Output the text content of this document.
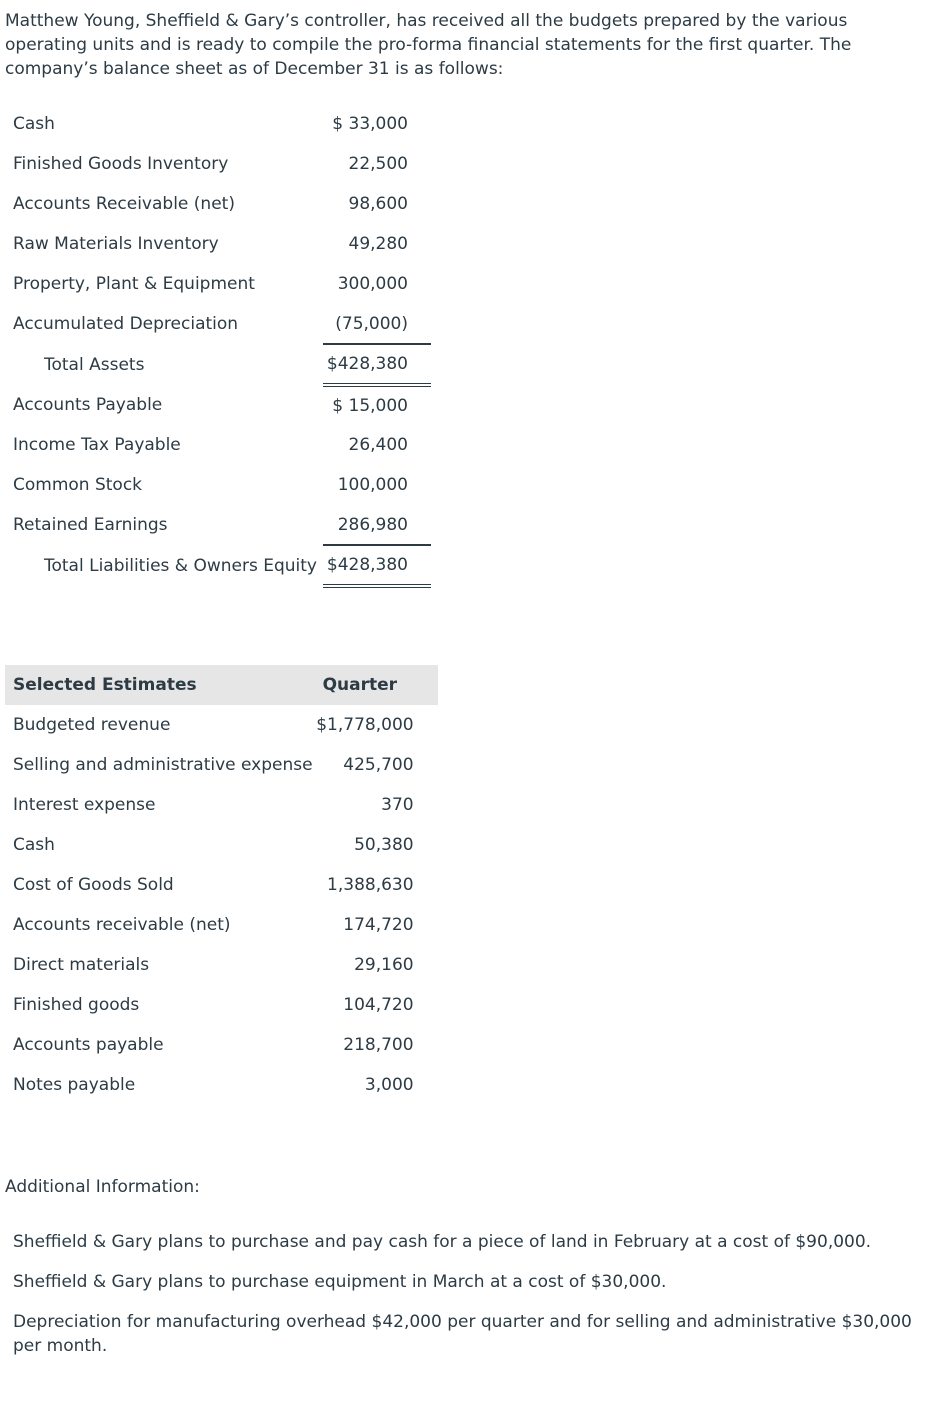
Matthew Young, Sheffield & Gary’s controller, has received all the budgets prepared by the various operating units and is ready to compile the pro-forma financial statements for the first quarter. The company’s balance sheet as of December 31 is as follows:

Cash	$ 33,000
Finished Goods Inventory	22,500
Accounts Receivable (net)	98,600
Raw Materials Inventory	49,280
Property, Plant & Equipment	300,000
Accumulated Depreciation	(75,000)
Total Assets	$428,380
Accounts Payable	$ 15,000
Income Tax Payable	26,400
Common Stock	100,000
Retained Earnings	286,980
Total Liabilities & Owners Equity	$428,380
Selected Estimates	Quarter
Budgeted revenue	$1,778,000
Selling and administrative expense	425,700
Interest expense	370
Cash	50,380
Cost of Goods Sold	1,388,630
Accounts receivable (net)	174,720
Direct materials	29,160
Finished goods	104,720
Accounts payable	218,700
Notes payable	3,000

Additional Information:

Sheffield & Gary plans to purchase and pay cash for a piece of land in February at a cost of $90,000.
Sheffield & Gary plans to purchase equipment in March at a cost of $30,000.
Depreciation for manufacturing overhead $42,000 per quarter and for selling and administrative $30,000 per month.
